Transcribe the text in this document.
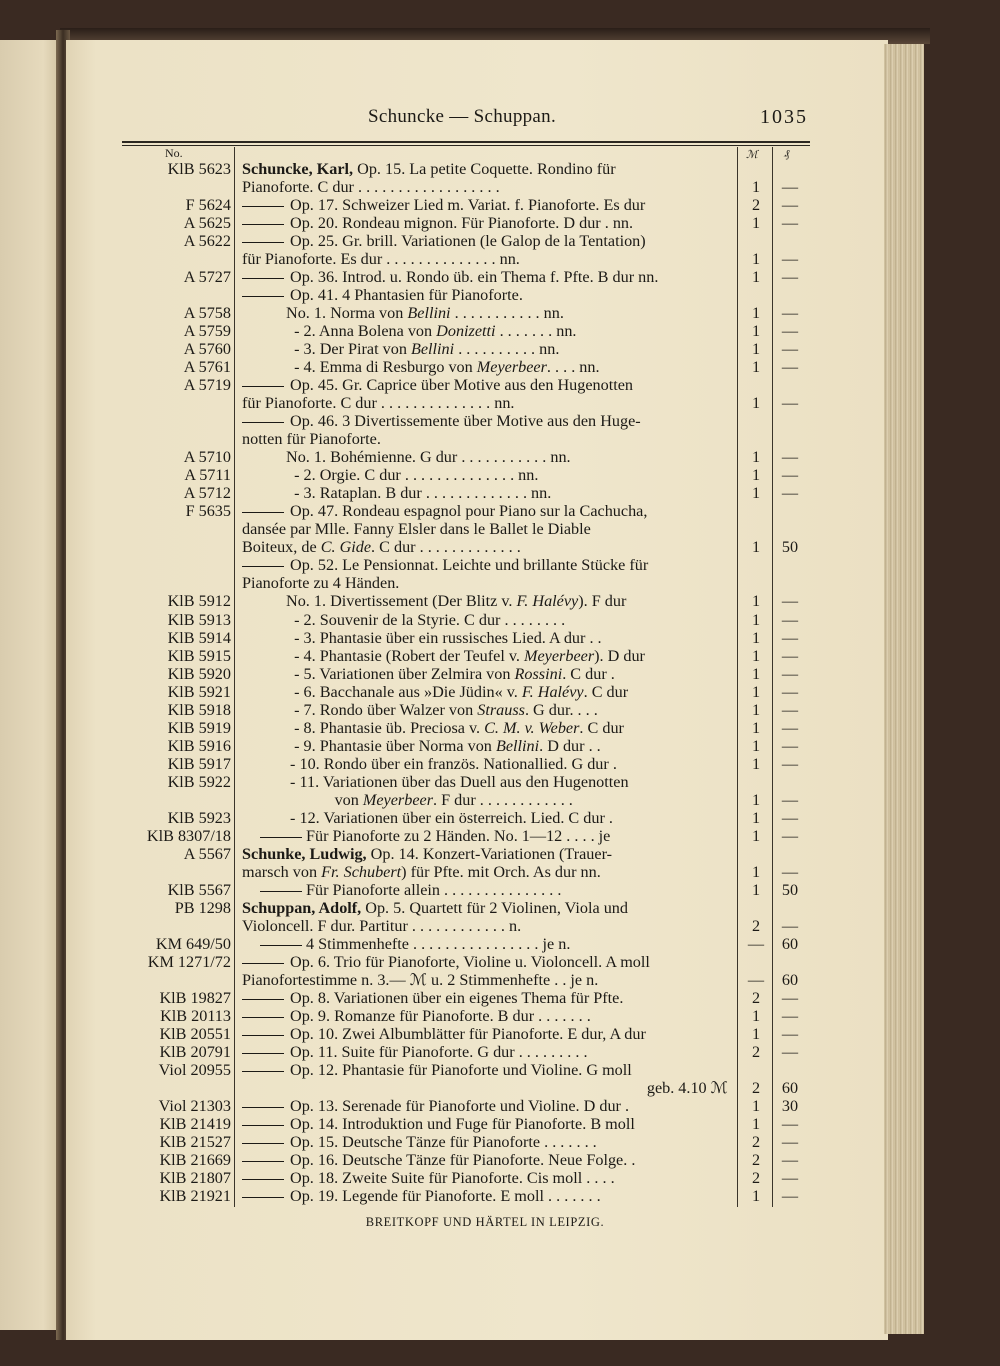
Schuncke — Schuppan.	1035
No.	ℳ ₰
KlB 5623 Schuncke, Karl, Op. 15. La petite Coquette. Rondino für
Pianoforte. C dur . . . . . . . . . . . . . . . . . .	1	—
F 5624	Op. 17. Schweizer Lied m. Variat. f. Pianoforte. Es dur	2	—
A 5625	Op. 20. Rondeau mignon. Für Pianoforte. D dur . nn.	1	—
A 5622	Op. 25. Gr. brill. Variationen (le Galop de la Tentation)
für Pianoforte. Es dur . . . . . . . . . . . . . . nn.	1	—
A 5727	Op. 36. Introd. u. Rondo üb. ein Thema f. Pfte. B dur nn.	1	—
Op. 41. 4 Phantasien für Pianoforte.
A 5758	No. 1. Norma von Bellini . . . . . . . . . . . nn.	1	—
A 5759	- 2. Anna Bolena von Donizetti . . . . . . . nn.	1	—
A 5760	- 3. Der Pirat von Bellini . . . . . . . . . . nn.	1	—
A 5761	- 4. Emma di Resburgo von Meyerbeer. . . . nn.	1	—
A 5719	Op. 45. Gr. Caprice über Motive aus den Hugenotten
für Pianoforte. C dur . . . . . . . . . . . . . . nn.	1	—
Op. 46. 3 Divertissemente über Motive aus den Huge-
notten für Pianoforte.
A 5710	No. 1. Bohémienne. G dur . . . . . . . . . . . nn.	1	—
A 5711	- 2. Orgie. C dur . . . . . . . . . . . . . . nn.	1	—
A 5712	- 3. Rataplan. B dur . . . . . . . . . . . . . nn.	1	—
F 5635	Op. 47. Rondeau espagnol pour Piano sur la Cachucha,
dansée par Mlle. Fanny Elsler dans le Ballet le Diable
Boiteux, de C. Gide. C dur . . . . . . . . . . . . .	1	50
Op. 52. Le Pensionnat. Leichte und brillante Stücke für
Pianoforte zu 4 Händen.
KlB 5912	No. 1. Divertissement (Der Blitz v. F. Halévy). F dur	1	—
KlB 5913	- 2. Souvenir de la Styrie. C dur . . . . . . . .	1	—
KlB 5914	- 3. Phantasie über ein russisches Lied. A dur . .	1	—
KlB 5915	- 4. Phantasie (Robert der Teufel v. Meyerbeer). D dur	1	—
KlB 5920	- 5. Variationen über Zelmira von Rossini. C dur .	1	—
KlB 5921	- 6. Bacchanale aus »Die Jüdin« v. F. Halévy. C dur	1	—
KlB 5918	- 7. Rondo über Walzer von Strauss. G dur. . . .	1	—
KlB 5919	- 8. Phantasie üb. Preciosa v. C. M. v. Weber. C dur	1	—
KlB 5916	- 9. Phantasie über Norma von Bellini. D dur . .	1	—
KlB 5917	- 10. Rondo über ein französ. Nationallied. G dur .	1	—
KlB 5922	- 11. Variationen über das Duell aus den Hugenotten
von Meyerbeer. F dur . . . . . . . . . . . .	1	—
KlB 5923	- 12. Variationen über ein österreich. Lied. C dur .	1	—
KlB 8307/18	Für Pianoforte zu 2 Händen. No. 1—12 . . . . je	1	—
A 5567 Schunke, Ludwig, Op. 14. Konzert-Variationen (Trauer-
marsch von Fr. Schubert) für Pfte. mit Orch. As dur nn.	1	—
KlB 5567	Für Pianoforte allein . . . . . . . . . . . . . . .	1	50
PB 1298 Schuppan, Adolf, Op. 5. Quartett für 2 Violinen, Viola und
Violoncell. F dur. Partitur . . . . . . . . . . . . n.	2	—
KM 649/50	4 Stimmenhefte . . . . . . . . . . . . . . . . je n.	—	60
KM 1271/72	Op. 6. Trio für Pianoforte, Violine u. Violoncell. A moll
Pianofortestimme n. 3.— ℳ u. 2 Stimmenhefte . . je n.	—	60
KlB 19827	Op. 8. Variationen über ein eigenes Thema für Pfte.	2	—
KlB 20113	Op. 9. Romanze für Pianoforte. B dur . . . . . . .	1	—
KlB 20551	Op. 10. Zwei Albumblätter für Pianoforte. E dur, A dur	1	—
KlB 20791	Op. 11. Suite für Pianoforte. G dur . . . . . . . . .	2	—
Viol 20955	Op. 12. Phantasie für Pianoforte und Violine. G moll
geb. 4.10 ℳ	2	60
Viol 21303	Op. 13. Serenade für Pianoforte und Violine. D dur .	1	30
KlB 21419	Op. 14. Introduktion und Fuge für Pianoforte. B moll	1	—
KlB 21527	Op. 15. Deutsche Tänze für Pianoforte . . . . . . .	2	—
KlB 21669	Op. 16. Deutsche Tänze für Pianoforte. Neue Folge. .	2	—
KlB 21807	Op. 18. Zweite Suite für Pianoforte. Cis moll . . . .	2	—
KlB 21921	Op. 19. Legende für Pianoforte. E moll . . . . . . .	1	—
BREITKOPF UND HÄRTEL IN LEIPZIG.
